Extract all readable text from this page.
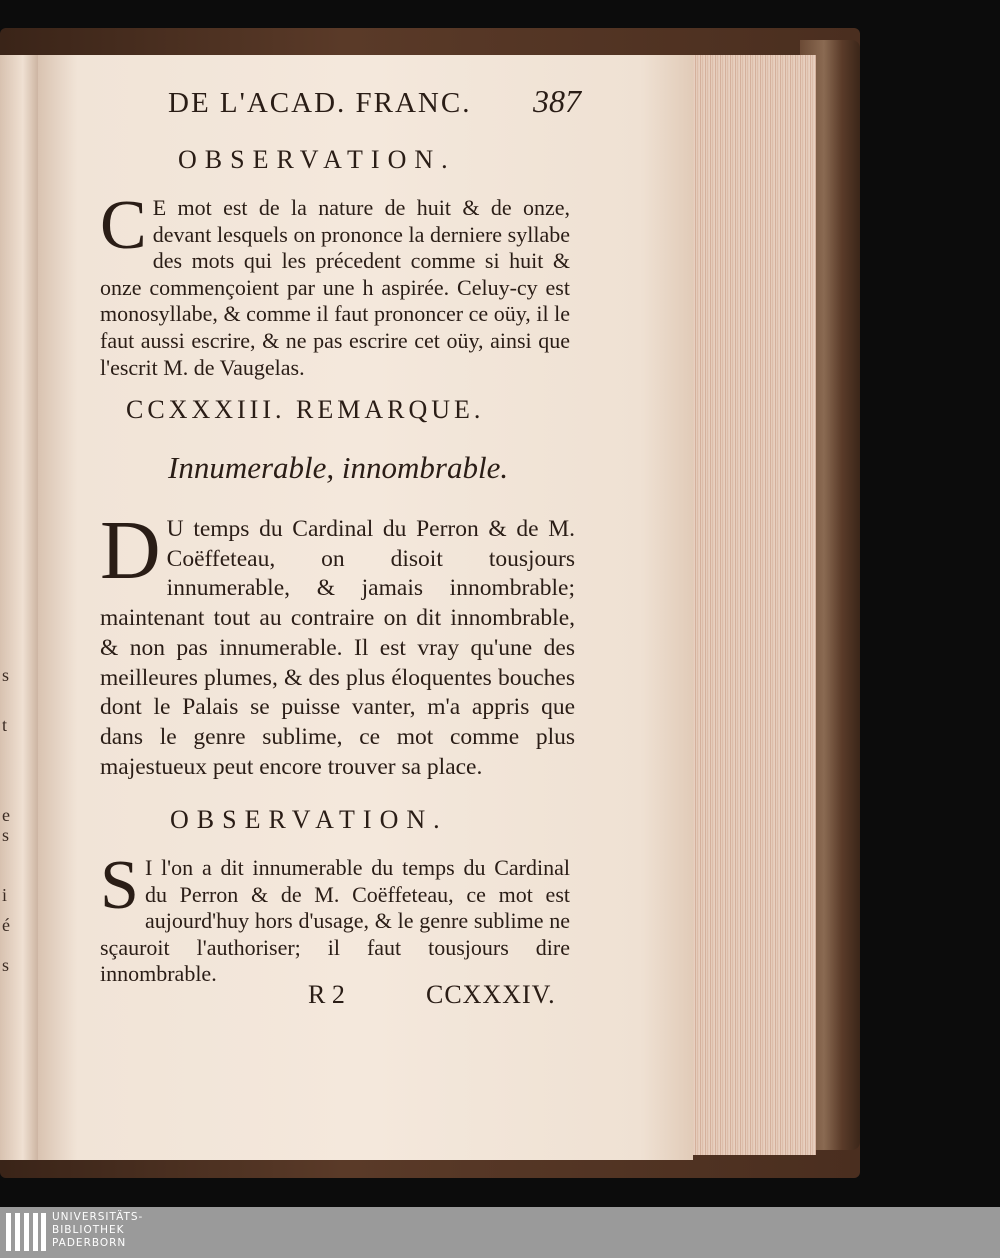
s
t
e
s
i
é
s
DE L'ACAD. FRANC. 387
OBSERVATION.
C E mot est de la nature de huit & de onze, devant lesquels on prononce la derniere syllabe des mots qui les précedent comme si huit & onze commençoient par une h aspirée. Celuy-cy est monosyllabe, & comme il faut prononcer ce oüy, il le faut aussi escrire, & ne pas escrire cet oüy, ainsi que l'escrit M. de Vaugelas.

CCXXXIII. REMARQUE.
Innumerable, innombrable.
D U temps du Cardinal du Perron & de M. Coëffeteau, on disoit tousjours innumerable, & jamais innombrable; maintenant tout au contraire on dit innombrable, & non pas innumerable. Il est vray qu'une des meilleures plumes, & des plus éloquentes bouches dont le Palais se puisse vanter, m'a appris que dans le genre sublime, ce mot comme plus majestueux peut encore trouver sa place.

OBSERVATION.
S I l'on a dit innumerable du temps du Cardinal du Perron & de M. Coëffeteau, ce mot est aujourd'huy hors d'usage, & le genre sublime ne sçauroit l'authoriser; il faut tousjours dire innombrable.

R 2	CCXXXIV.
UNIVERSITÄTS-
BIBLIOTHEK
PADERBORN
